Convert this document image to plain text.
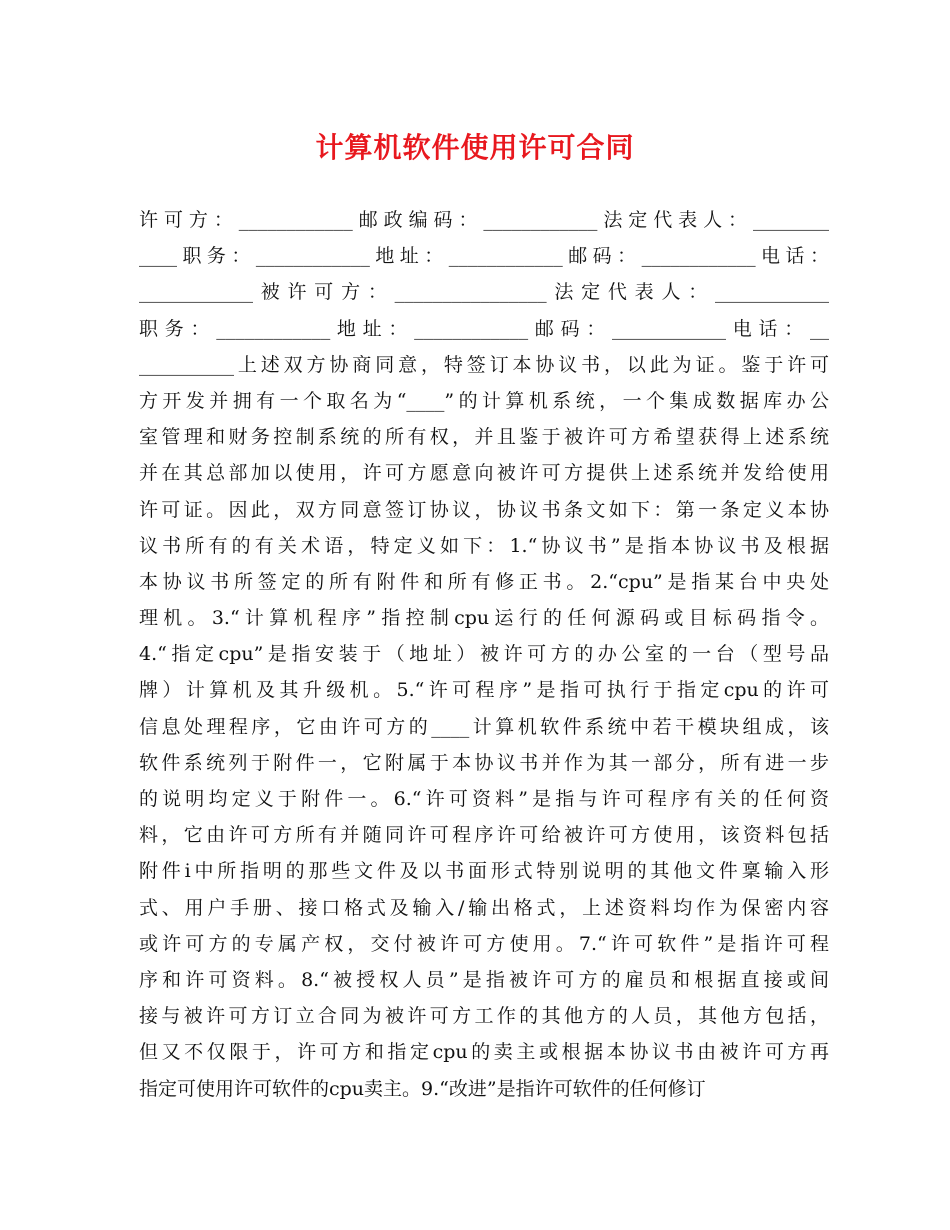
计算机软件使用许可合同
许可方：____________邮政编码：____________法定代表人：________
____职务：____________地址：____________邮码：____________电话：
____________被许可方：________________法定代表人：____________
职务：____________地址：____________邮码：____________电话：__
__________上述双方协商同意，特签订本协议书，以此为证。鉴于许可
方开发并拥有一个取名为“____”的计算机系统，一个集成数据库办公
室管理和财务控制系统的所有权，并且鉴于被许可方希望获得上述系统
并在其总部加以使用，许可方愿意向被许可方提供上述系统并发给使用
许可证。因此，双方同意签订协议，协议书条文如下：第一条定义本协
议书所有的有关术语，特定义如下：1.“协议书”是指本协议书及根据
本协议书所签定的所有附件和所有修正书。2.“cpu”是指某台中央处
理机。3.“计算机程序”指控制cpu运行的任何源码或目标码指令。
4.“指定cpu”是指安装于（地址）被许可方的办公室的一台（型号品
牌）计算机及其升级机。5.“许可程序”是指可执行于指定cpu的许可
信息处理程序，它由许可方的____计算机软件系统中若干模块组成，该
软件系统列于附件一，它附属于本协议书并作为其一部分，所有进一步
的说明均定义于附件一。6.“许可资料”是指与许可程序有关的任何资
料，它由许可方所有并随同许可程序许可给被许可方使用，该资料包括
附件i中所指明的那些文件及以书面形式特别说明的其他文件稟输入形
式、用户手册、接口格式及输入/输出格式，上述资料均作为保密内容
或许可方的专属产权，交付被许可方使用。7.“许可软件”是指许可程
序和许可资料。8.“被授权人员”是指被许可方的雇员和根据直接或间
接与被许可方订立合同为被许可方工作的其他方的人员，其他方包括，
但又不仅限于，许可方和指定cpu的卖主或根据本协议书由被许可方再
指定可使用许可软件的cpu卖主。9.“改进”是指许可软件的任何修订
